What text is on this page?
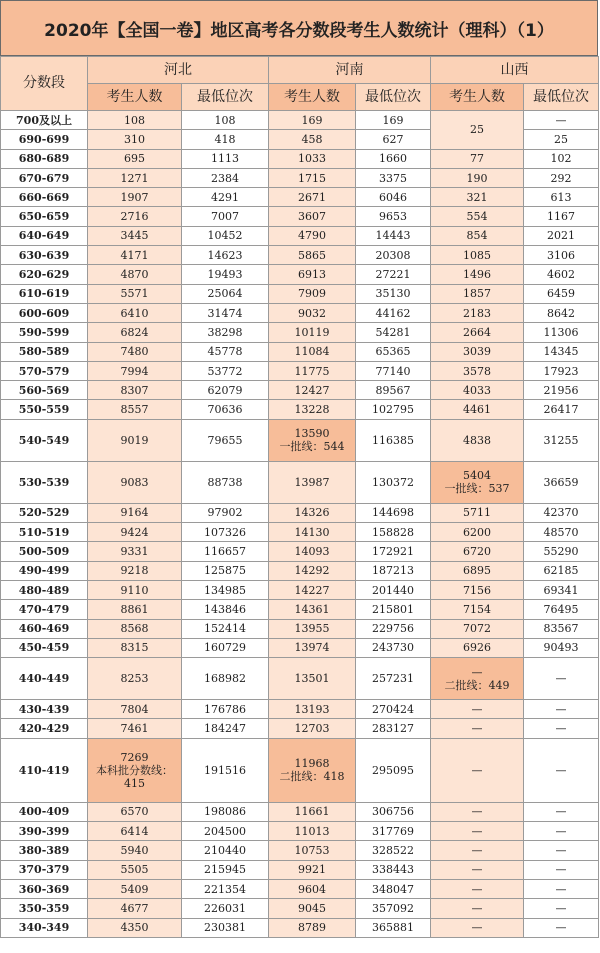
2020年【全国一卷】地区高考各分数段考生人数统计（理科）（1）
分数段	河北		河南		山西	
	考生人数	最低位次	考生人数	最低位次	考生人数	最低位次

700及以上	108	108	169	169	25	—

690-699	310	418	458	627		25

680-689	695	1113	1033	1660	77	102

670-679	1271	2384	1715	3375	190	292

660-669	1907	4291	2671	6046	321	613

650-659	2716	7007	3607	9653	554	1167

640-649	3445	10452	4790	14443	854	2021

630-639	4171	14623	5865	20308	1085	3106

620-629	4870	19493	6913	27221	1496	4602

610-619	5571	25064	7909	35130	1857	6459

600-609	6410	31474	9032	44162	2183	8642

590-599	6824	38298	10119	54281	2664	11306

580-589	7480	45778	11084	65365	3039	14345

570-579	7994	53772	11775	77140	3578	17923

560-569	8307	62079	12427	89567	4033	21956

550-559	8557	70636	13228	102795	4461	26417

540-549	9019	79655	13590
一批线：544	116385	4838	31255

530-539	9083	88738	13987	130372	5404
一批线：537	36659

520-529	9164	97902	14326	144698	5711	42370

510-519	9424	107326	14130	158828	6200	48570

500-509	9331	116657	14093	172921	6720	55290

490-499	9218	125875	14292	187213	6895	62185

480-489	9110	134985	14227	201440	7156	69341

470-479	8861	143846	14361	215801	7154	76495

460-469	8568	152414	13955	229756	7072	83567

450-459	8315	160729	13974	243730	6926	90493

440-449	8253	168982	13501	257231	—
二批线：449	—

430-439	7804	176786	13193	270424	—	—

420-429	7461	184247	12703	283127	—	—

410-419	7269
本科批分数线：415	191516	11968
二批线：418	295095	—	—

400-409	6570	198086	11661	306756	—	—

390-399	6414	204500	11013	317769	—	—

380-389	5940	210440	10753	328522	—	—

370-379	5505	215945	9921	338443	—	—

360-369	5409	221354	9604	348047	—	—

350-359	4677	226031	9045	357092	—	—

340-349	4350	230381	8789	365881	—	—
